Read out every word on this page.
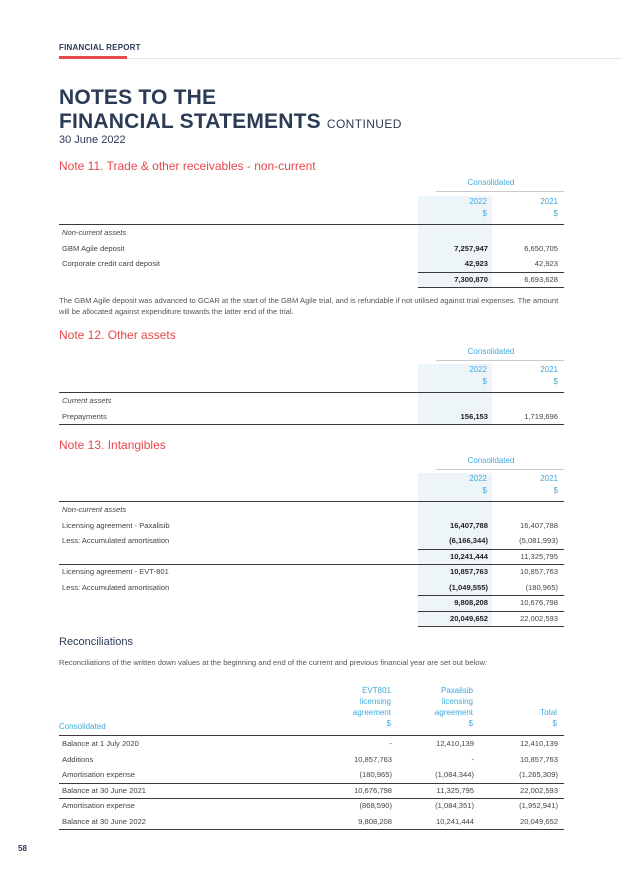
FINANCIAL REPORT
NOTES TO THE
FINANCIAL STATEMENTS CONTINUED
30 June 2022
Note 11. Trade & other receivables - non-current
Consolidated
2022
$
2021
$
Non-current assets
GBM Agile deposit	7,257,947	6,650,705
Corporate credit card deposit	42,923	42,923
7,300,870	6,693,628
The GBM Agile deposit was advanced to GCAR at the start of the GBM Agile trial, and is refundable if not utilised against trial expenses. The amount will be allocated against expenditure towards the latter end of the trial.
Note 12. Other assets
Consolidated
2022
$
2021
$
Current assets
Prepayments	156,153	1,719,696
Note 13. Intangibles
Consolidated
2022
$
2021
$
Non-current assets
Licensing agreement - Paxalisib	16,407,788	16,407,788
Less: Accumulated amortisation	(6,166,344)	(5,081,993)
10,241,444	11,325,795
Licensing agreement - EVT-801	10,857,763	10,857,763
Less: Accumulated amortisation	(1,049,555)	(180,965)
9,808,208	10,676,798
20,049,652	22,002,593
Reconciliations
Reconciliations of the written down values at the beginning and end of the current and previous financial year are set out below:
Consolidated
EVT801
licensing
agreement
$
Paxalisib
licensing
agreement
$
Total
$
Balance at 1 July 2020	-	12,410,139	12,410,139
Additions	10,857,763	-	10,857,763
Amortisation expense	(180,965)	(1,084,344)	(1,265,309)
Balance at 30 June 2021	10,676,798	11,325,795	22,002,593
Amortisation expense	(868,590)	(1,084,351)	(1,952,941)
Balance at 30 June 2022	9,808,208	10,241,444	20,049,652
58
